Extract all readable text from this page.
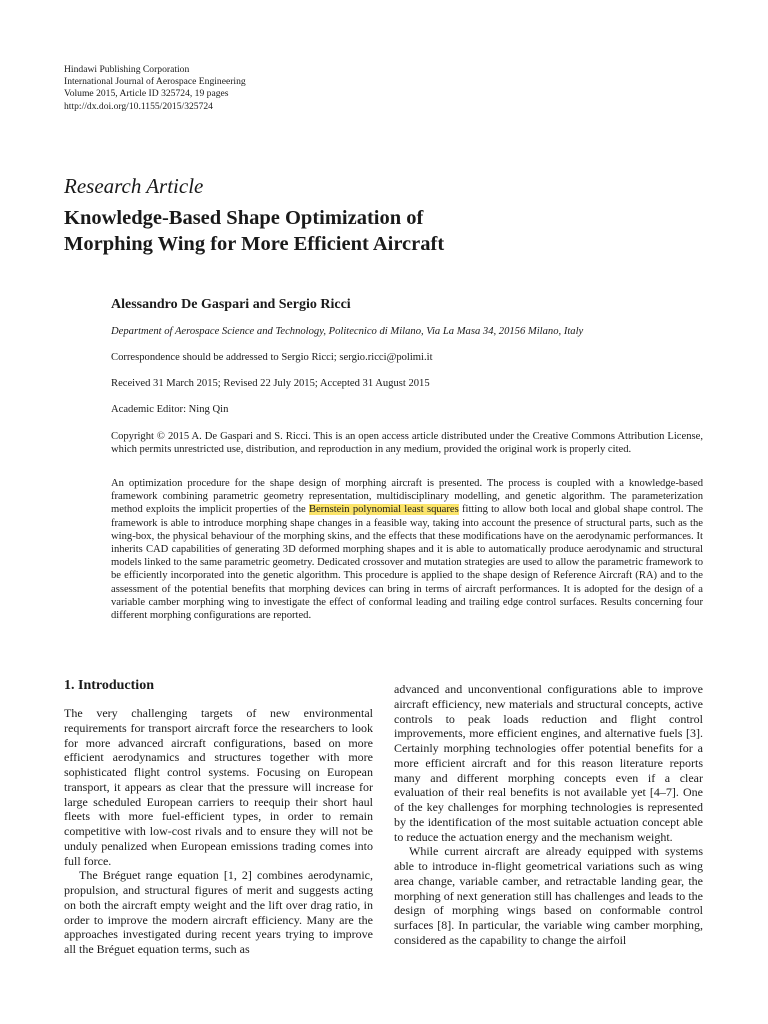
Hindawi Publishing Corporation
International Journal of Aerospace Engineering
Volume 2015, Article ID 325724, 19 pages
http://dx.doi.org/10.1155/2015/325724
Research Article
Knowledge-Based Shape Optimization of
Morphing Wing for More Efficient Aircraft
Alessandro De Gaspari and Sergio Ricci
Department of Aerospace Science and Technology, Politecnico di Milano, Via La Masa 34, 20156 Milano, Italy
Correspondence should be addressed to Sergio Ricci; sergio.ricci@polimi.it
Received 31 March 2015; Revised 22 July 2015; Accepted 31 August 2015
Academic Editor: Ning Qin
Copyright © 2015 A. De Gaspari and S. Ricci. This is an open access article distributed under the Creative Commons Attribution License, which permits unrestricted use, distribution, and reproduction in any medium, provided the original work is properly cited.
An optimization procedure for the shape design of morphing aircraft is presented. The process is coupled with a knowledge-based framework combining parametric geometry representation, multidisciplinary modelling, and genetic algorithm. The parameterization method exploits the implicit properties of the Bernstein polynomial least squares fitting to allow both local and global shape control. The framework is able to introduce morphing shape changes in a feasible way, taking into account the presence of structural parts, such as the wing-box, the physical behaviour of the morphing skins, and the effects that these modifications have on the aerodynamic performances. It inherits CAD capabilities of generating 3D deformed morphing shapes and it is able to automatically produce aerodynamic and structural models linked to the same parametric geometry. Dedicated crossover and mutation strategies are used to allow the parametric framework to be efficiently incorporated into the genetic algorithm. This procedure is applied to the shape design of Reference Aircraft (RA) and to the assessment of the potential benefits that morphing devices can bring in terms of aircraft performances. It is adopted for the design of a variable camber morphing wing to investigate the effect of conformal leading and trailing edge control surfaces. Results concerning four different morphing configurations are reported.
1. Introduction

The very challenging targets of new environmental requirements for transport aircraft force the researchers to look for more advanced aircraft configurations, based on more efficient aerodynamics and structures together with more sophisticated flight control systems. Focusing on European transport, it appears as clear that the pressure will increase for large scheduled European carriers to reequip their short haul fleets with more fuel-efficient types, in order to remain competitive with low-cost rivals and to ensure they will not be unduly penalized when European emissions trading comes into full force.

The Bréguet range equation [1, 2] combines aerodynamic, propulsion, and structural figures of merit and suggests acting on both the aircraft empty weight and the lift over drag ratio, in order to improve the modern aircraft efficiency. Many are the approaches investigated during recent years trying to improve all the Bréguet equation terms, such as

advanced and unconventional configurations able to improve aircraft efficiency, new materials and structural concepts, active controls to peak loads reduction and flight control improvements, more efficient engines, and alternative fuels [3]. Certainly morphing technologies offer potential benefits for a more efficient aircraft and for this reason literature reports many and different morphing concepts even if a clear evaluation of their real benefits is not available yet [4–7]. One of the key challenges for morphing technologies is represented by the identification of the most suitable actuation concept able to reduce the actuation energy and the mechanism weight.

While current aircraft are already equipped with systems able to introduce in-flight geometrical variations such as wing area change, variable camber, and retractable landing gear, the morphing of next generation still has challenges and leads to the design of morphing wings based on conformable control surfaces [8]. In particular, the variable wing camber morphing, considered as the capability to change the airfoil
